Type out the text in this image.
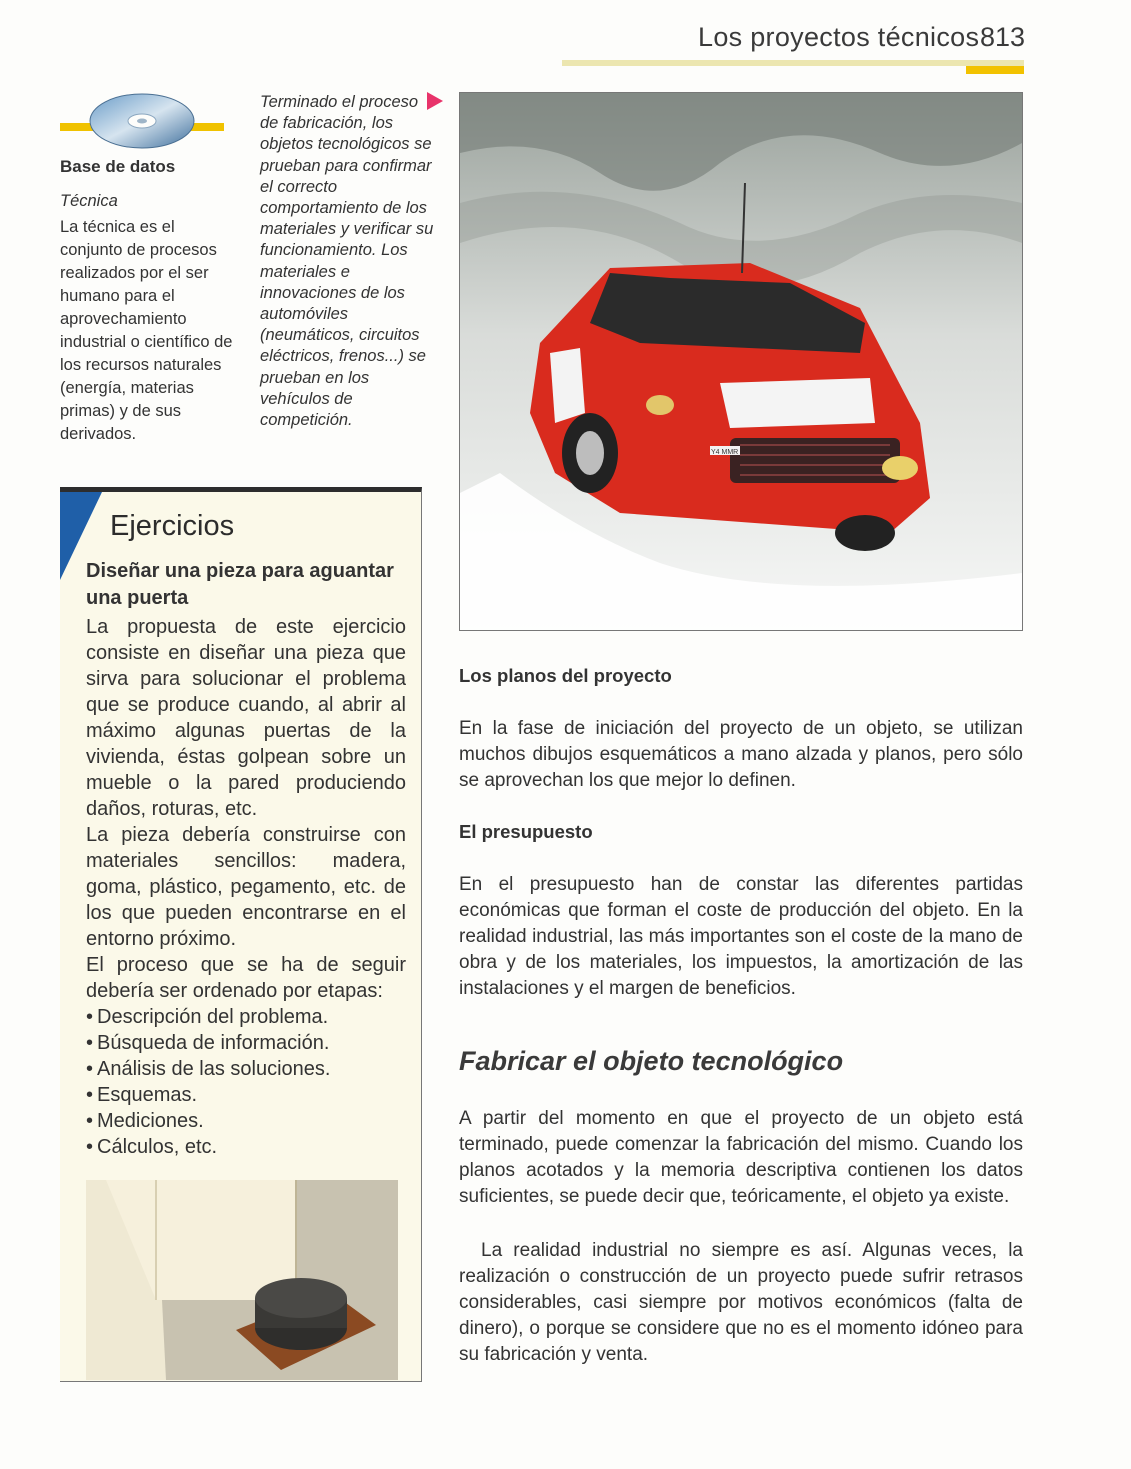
Los proyectos técnicos 813
Base de datos
Técnica
La técnica es el conjunto de procesos realizados por el ser humano para el aprovechamiento industrial o científico de los recursos naturales (energía, materias primas) y de sus derivados.
Terminado el proceso de fabricación, los objetos tecnológicos se prueban para confirmar el correcto comportamiento de los materiales y verificar su funcionamiento. Los materiales e innovaciones de los automóviles (neumáticos, circuitos eléctricos, frenos...) se prueban en los vehículos de competición.
Y4 MMR
Ejercicios
Diseñar una pieza para aguantar una puerta

La propuesta de este ejercicio consiste en diseñar una pieza que sirva para solucionar el problema que se produce cuando, al abrir al máximo algunas puertas de la vivienda, éstas golpean sobre un mueble o la pared produciendo daños, roturas, etc.

La pieza debería construirse con materiales sencillos: madera, goma, plástico, pegamento, etc. de los que pueden encontrarse en el entorno próximo.

El proceso que se ha de seguir debería ser ordenado por etapas:

• Descripción del problema.
• Búsqueda de información.
• Análisis de las soluciones.
• Esquemas.
• Mediciones.
• Cálculos, etc.
Los planos del proyecto

En la fase de iniciación del proyecto de un objeto, se utilizan muchos dibujos esquemáticos a mano alzada y planos, pero sólo se aprovechan los que mejor lo definen.

El presupuesto

En el presupuesto han de constar las diferentes partidas económicas que forman el coste de producción del objeto. En la realidad industrial, las más importantes son el coste de la mano de obra y de los materiales, los impuestos, la amortización de las instalaciones y el margen de beneficios.

Fabricar el objeto tecnológico

A partir del momento en que el proyecto de un objeto está terminado, puede comenzar la fabricación del mismo. Cuando los planos acotados y la memoria descriptiva contienen los datos suficientes, se puede decir que, teóricamente, el objeto ya existe.

La realidad industrial no siempre es así. Algunas veces, la realización o construcción de un proyecto puede sufrir retrasos considerables, casi siempre por motivos económicos (falta de dinero), o porque se considere que no es el momento idóneo para su fabricación y venta.
